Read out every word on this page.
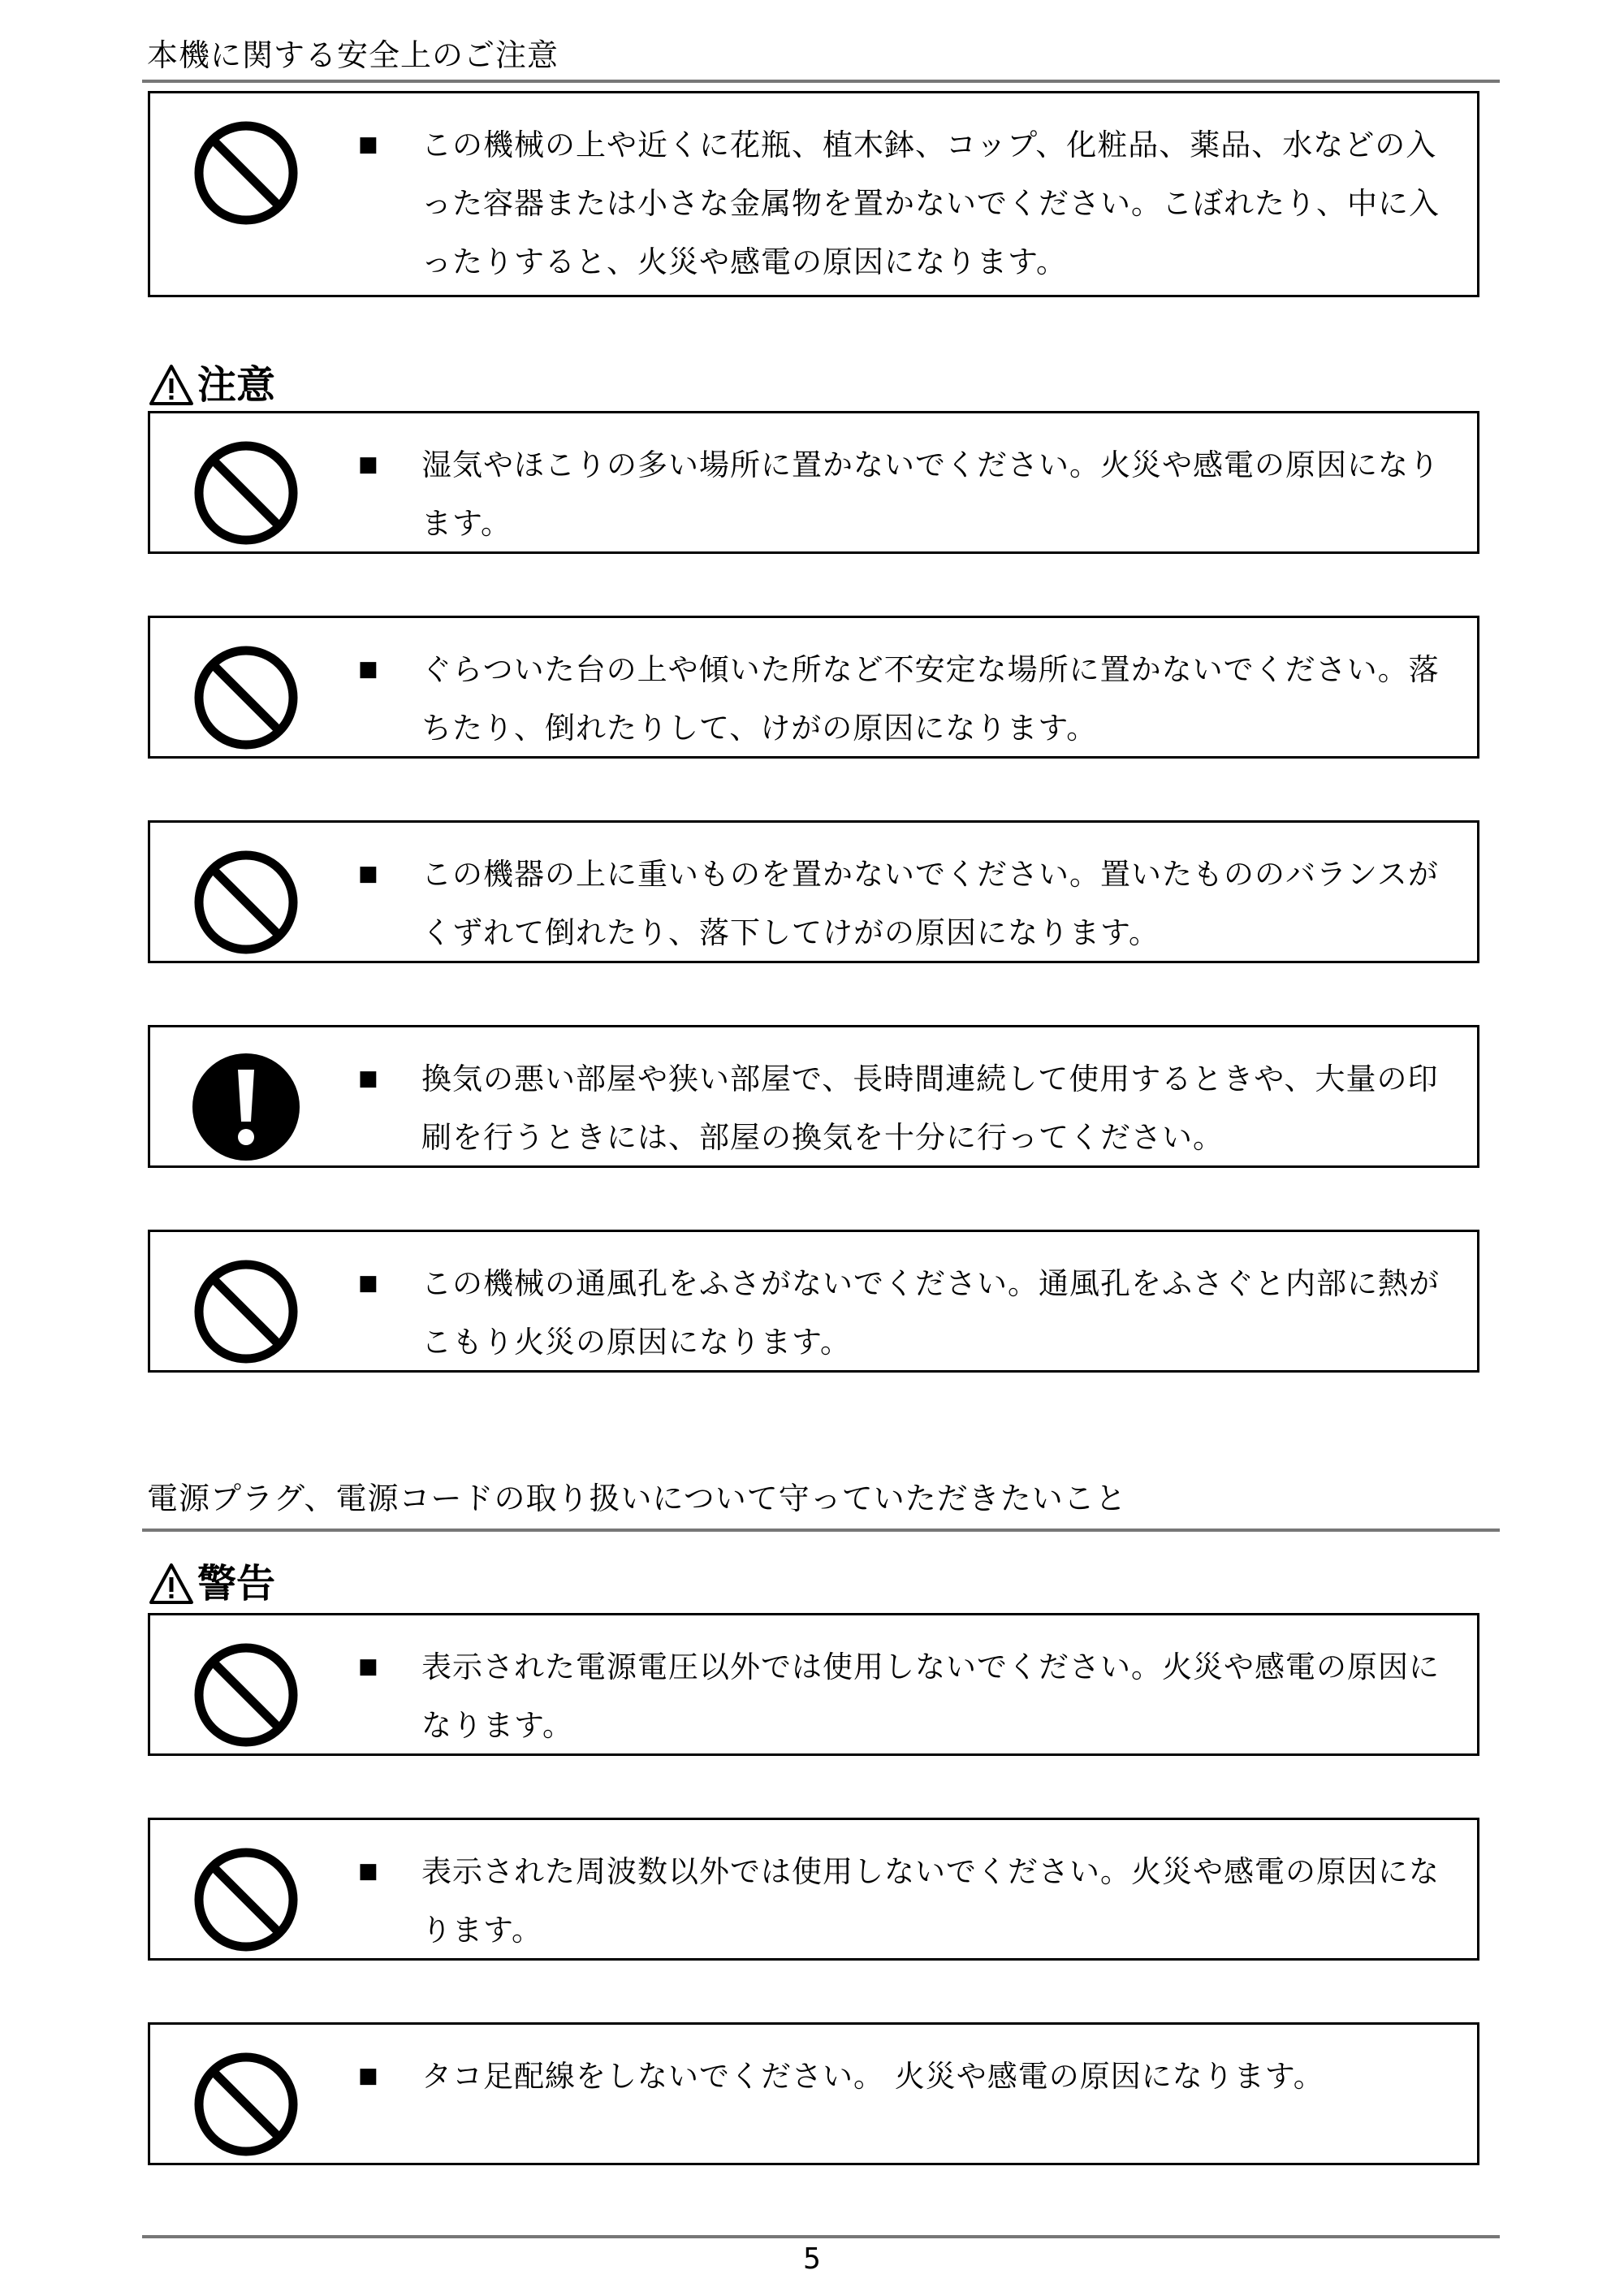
本機に関する安全上のご注意
■ この機械の上や近くに花瓶、植木鉢、コップ、化粧品、薬品、水などの入った容器または小さな金属物を置かないでください。こぼれたり、中に入ったりすると、火災や感電の原因になります。
注意
■ 湿気やほこりの多い場所に置かないでください。火災や感電の原因になります。
■ ぐらついた台の上や傾いた所など不安定な場所に置かないでください。落ちたり、倒れたりして、けがの原因になります。
■ この機器の上に重いものを置かないでください。置いたもののバランスがくずれて倒れたり、落下してけがの原因になります。
■ 換気の悪い部屋や狭い部屋で、長時間連続して使用するときや、大量の印刷を行うときには、部屋の換気を十分に行ってください。
■ この機械の通風孔をふさがないでください。通風孔をふさぐと内部に熱がこもり火災の原因になります。
電源プラグ、電源コードの取り扱いについて守っていただきたいこと
警告
■ 表示された電源電圧以外では使用しないでください。火災や感電の原因になります。
■ 表示された周波数以外では使用しないでください。火災や感電の原因になります。
■ タコ足配線をしないでください。 火災や感電の原因になります。
5
